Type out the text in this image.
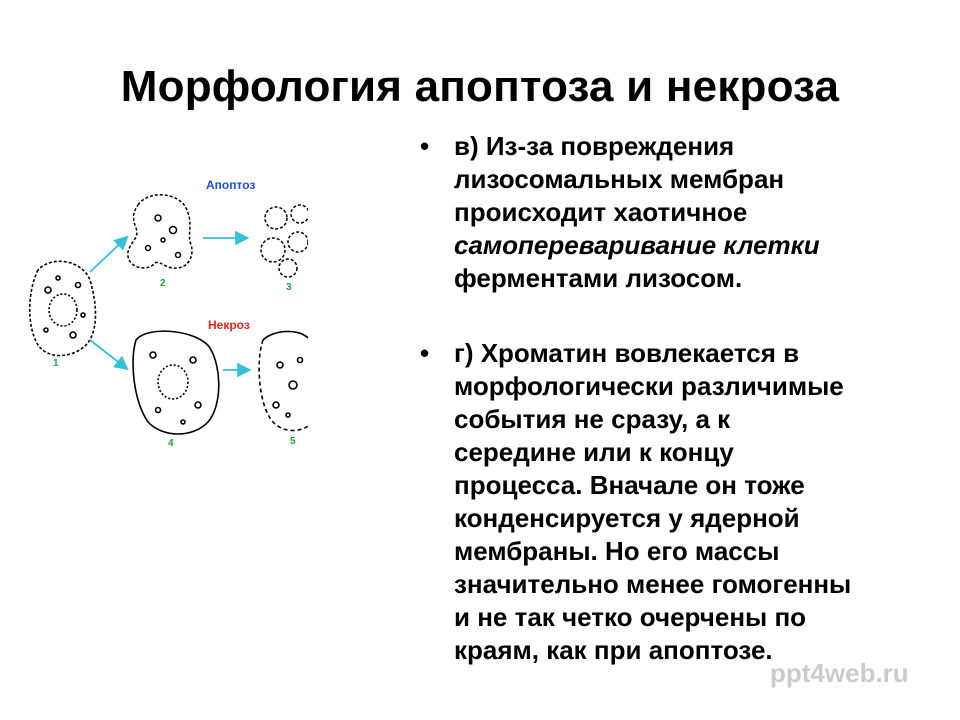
Морфология апоптоза и некроза
Апоптоз
Некроз
1
2	3
4	5
• в) Из-за повреждения
лизосомальных мембран
происходит хаотичное
самопереваривание клетки
ферментами лизосом.
• г) Хроматин вовлекается в
морфологически различимые
события не сразу, а к
середине или к концу
процесса. Вначале он тоже
конденсируется у ядерной
мембраны. Но его массы
значительно менее гомогенны
и не так четко очерчены по
краям, как при апоптозе.
ppt4web.ru
